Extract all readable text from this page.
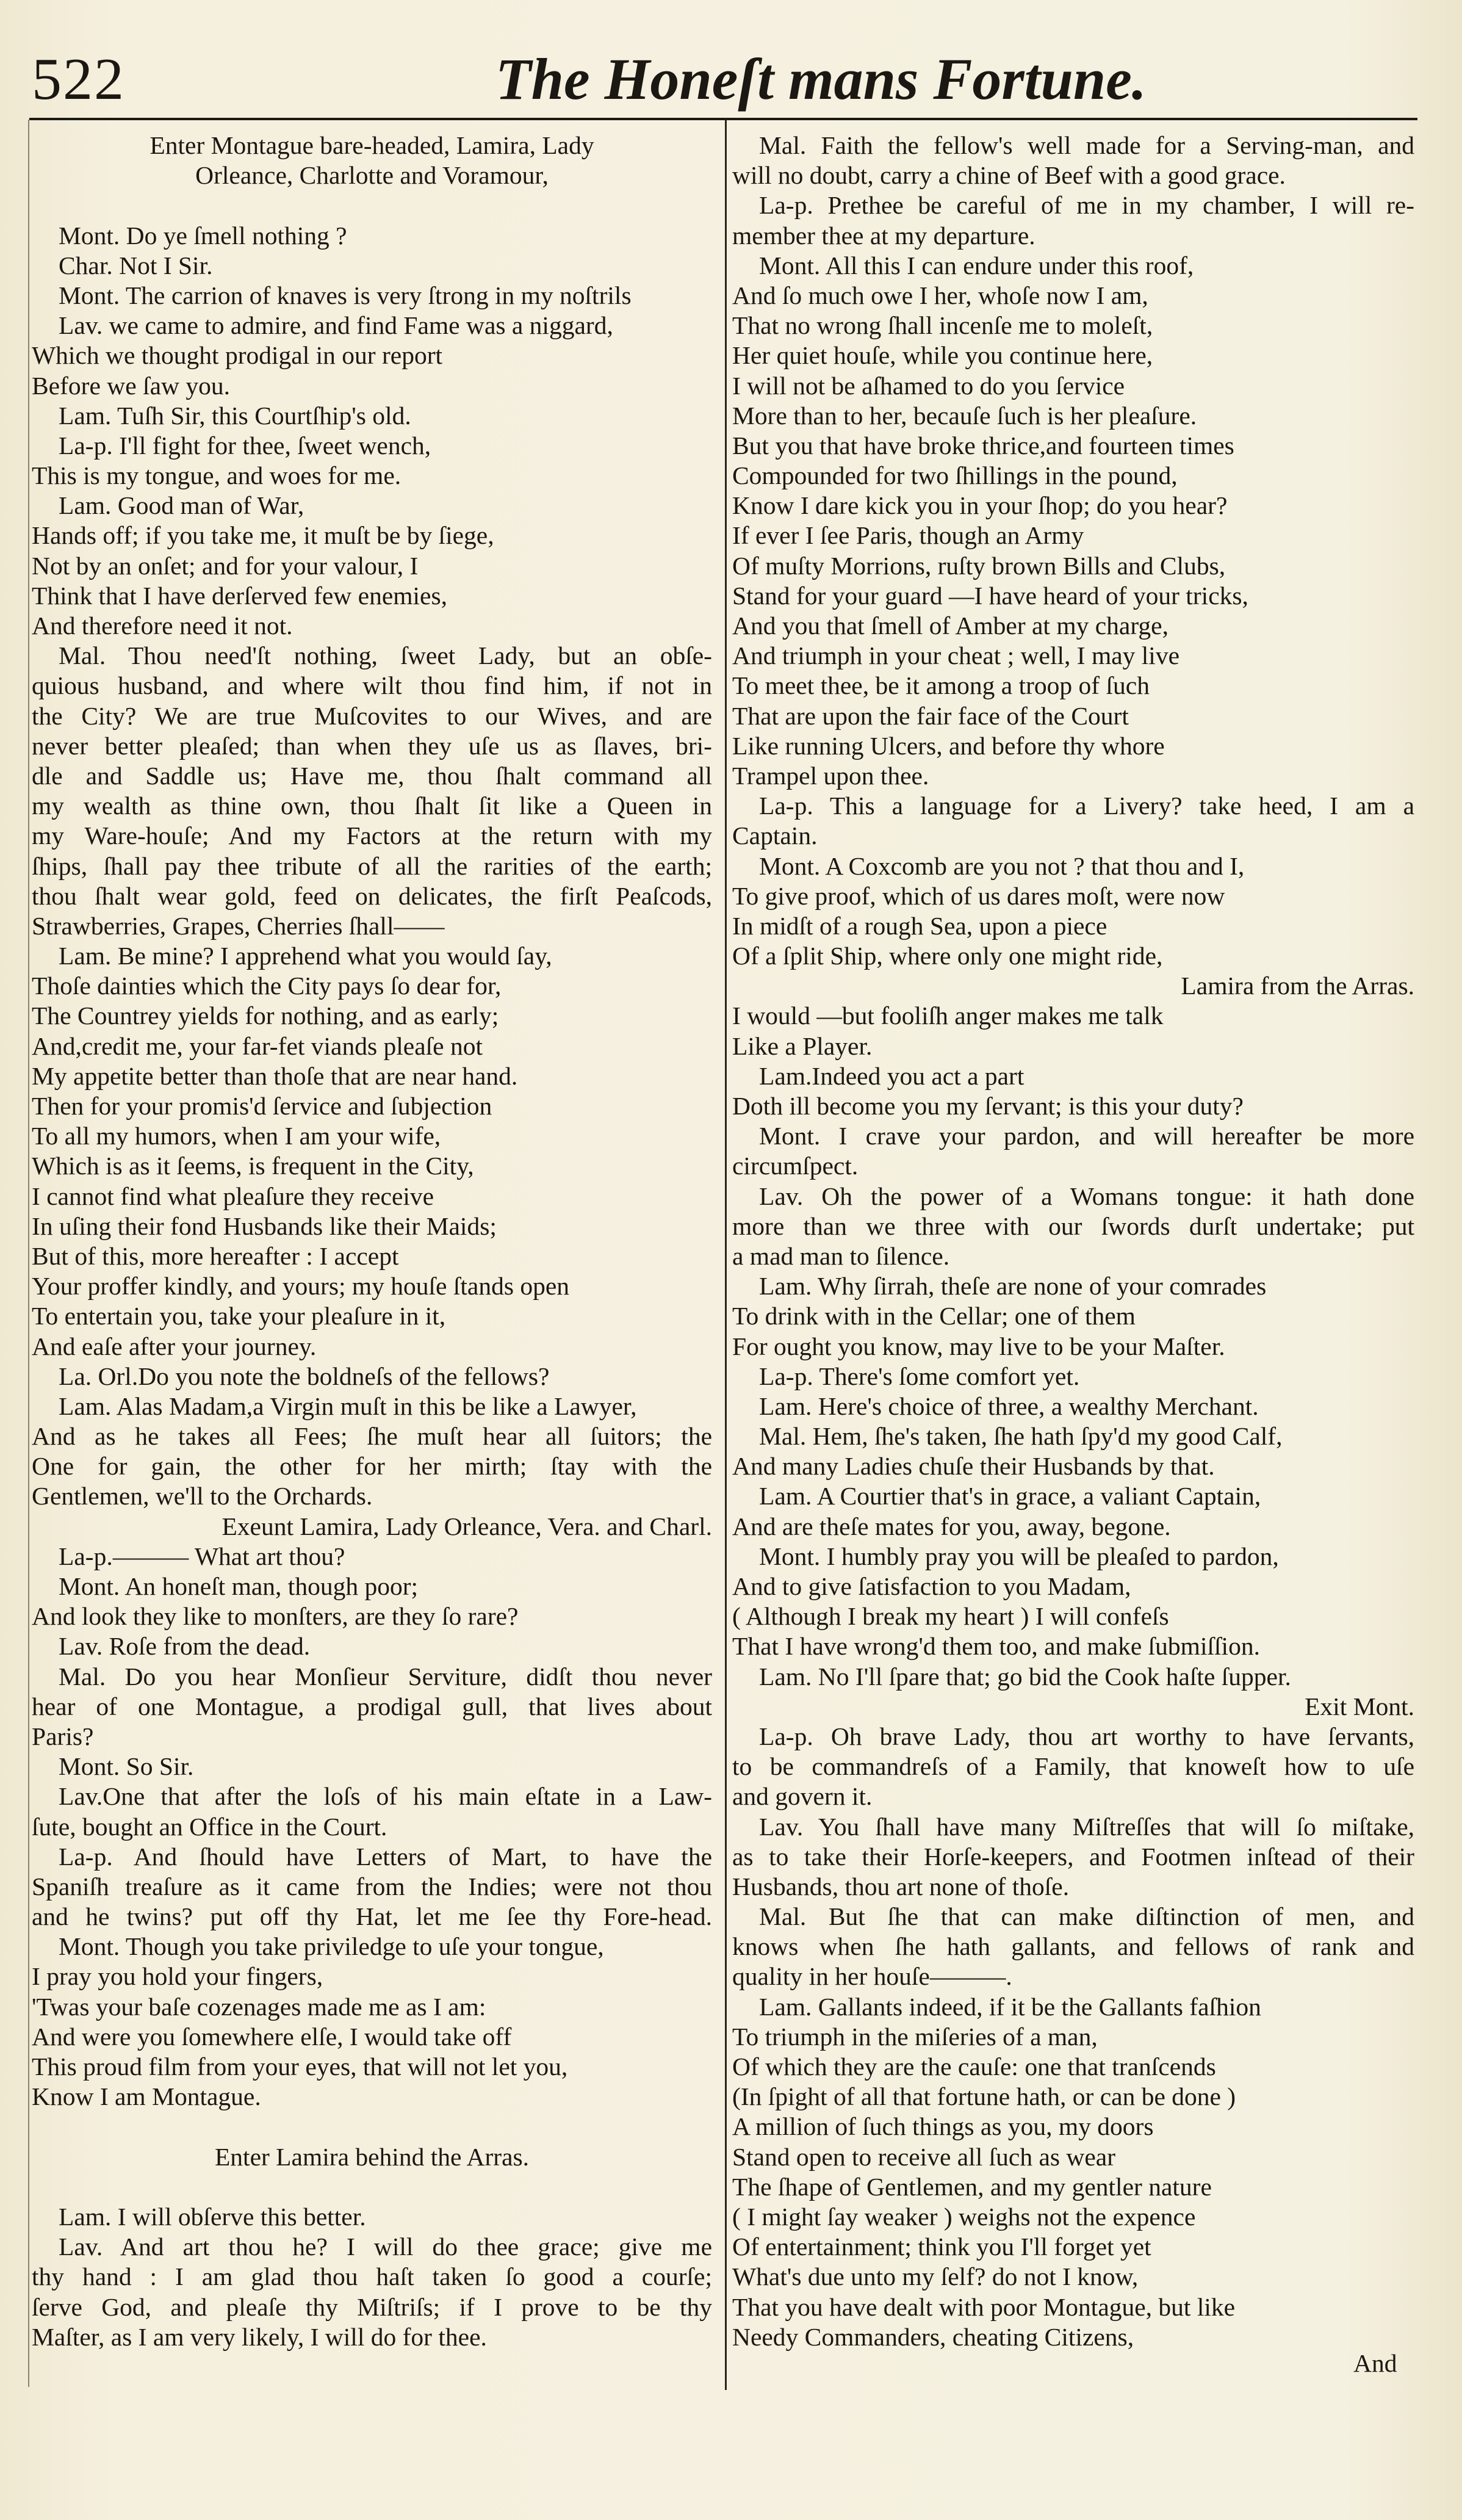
522	The Honeſt mans Fortune.
Enter Montague bare-headed, Lamira, Lady
Orleance, Charlotte and Voramour,
Mont. Do ye ſmell nothing ?
Char. Not I Sir.
Mont. The carrion of knaves is very ſtrong in my noſtrils
Lav. we came to admire, and find Fame was a niggard,
Which we thought prodigal in our report
Before we ſaw you.
Lam. Tuſh Sir, this Courtſhip's old.
La-p. I'll fight for thee, ſweet wench,
This is my tongue, and woes for me.
Lam. Good man of War,
Hands off; if you take me, it muſt be by ſiege,
Not by an onſet; and for your valour, I
Think that I have derſerved few enemies,
And therefore need it not.
Mal. Thou need'ſt nothing, ſweet Lady, but an obſe-
quious husband, and where wilt thou find him, if not in
the City? We are true Muſcovites to our Wives, and are
never better pleaſed; than when they uſe us as ſlaves, bri-
dle and Saddle us; Have me, thou ſhalt command all
my wealth as thine own, thou ſhalt ſit like a Queen in
my Ware-houſe; And my Factors at the return with my
ſhips, ſhall pay thee tribute of all the rarities of the earth;
thou ſhalt wear gold, feed on delicates, the firſt Peaſcods,
Strawberries, Grapes, Cherries ſhall——
Lam. Be mine? I apprehend what you would ſay,
Thoſe dainties which the City pays ſo dear for,
The Countrey yields for nothing, and as early;
And,credit me, your far-fet viands pleaſe not
My appetite better than thoſe that are near hand.
Then for your promis'd ſervice and ſubjection
To all my humors, when I am your wife,
Which is as it ſeems, is frequent in the City,
I cannot find what pleaſure they receive
In uſing their fond Husbands like their Maids;
But of this, more hereafter : I accept
Your proffer kindly, and yours; my houſe ſtands open
To entertain you, take your pleaſure in it,
And eaſe after your journey.
La. Orl.Do you note the boldneſs of the fellows?
Lam. Alas Madam,a Virgin muſt in this be like a Lawyer,
And as he takes all Fees; ſhe muſt hear all ſuitors; the
One for gain, the other for her mirth; ſtay with the
Gentlemen, we'll to the Orchards.
Exeunt Lamira, Lady Orleance, Vera. and Charl.
La-p.——— What art thou?
Mont. An honeſt man, though poor;
And look they like to monſters, are they ſo rare?
Lav. Roſe from the dead.
Mal. Do you hear Monſieur Serviture, didſt thou never
hear of one Montague, a prodigal gull, that lives about
Paris?
Mont. So Sir.
Lav.One that after the loſs of his main eſtate in a Law-
ſute, bought an Office in the Court.
La-p. And ſhould have Letters of Mart, to have the
Spaniſh treaſure as it came from the Indies; were not thou
and he twins? put off thy Hat, let me ſee thy Fore-head.
Mont. Though you take priviledge to uſe your tongue,
I pray you hold your fingers,
'Twas your baſe cozenages made me as I am:
And were you ſomewhere elſe, I would take off
This proud film from your eyes, that will not let you,
Know I am Montague.
Enter Lamira behind the Arras.
Lam. I will obſerve this better.
Lav. And art thou he? I will do thee grace; give me
thy hand : I am glad thou haſt taken ſo good a courſe;
ſerve God, and pleaſe thy Miſtriſs; if I prove to be thy
Maſter, as I am very likely, I will do for thee.
Mal. Faith the fellow's well made for a Serving-man, and
will no doubt, carry a chine of Beef with a good grace.
La-p. Prethee be careful of me in my chamber, I will re-
member thee at my departure.
Mont. All this I can endure under this roof,
And ſo much owe I her, whoſe now I am,
That no wrong ſhall incenſe me to moleſt,
Her quiet houſe, while you continue here,
I will not be aſhamed to do you ſervice
More than to her, becauſe ſuch is her pleaſure.
But you that have broke thrice,and fourteen times
Compounded for two ſhillings in the pound,
Know I dare kick you in your ſhop; do you hear?
If ever I ſee Paris, though an Army
Of muſty Morrions, ruſty brown Bills and Clubs,
Stand for your guard —I have heard of your tricks,
And you that ſmell of Amber at my charge,
And triumph in your cheat ; well, I may live
To meet thee, be it among a troop of ſuch
That are upon the fair face of the Court
Like running Ulcers, and before thy whore
Trampel upon thee.
La-p. This a language for a Livery? take heed, I am a
Captain.
Mont. A Coxcomb are you not ? that thou and I,
To give proof, which of us dares moſt, were now
In midſt of a rough Sea, upon a piece
Of a ſplit Ship, where only one might ride,
Lamira from the Arras.
I would —but fooliſh anger makes me talk
Like a Player.
Lam.Indeed you act a part
Doth ill become you my ſervant; is this your duty?
Mont. I crave your pardon, and will hereafter be more
circumſpect.
Lav. Oh the power of a Womans tongue: it hath done
more than we three with our ſwords durſt undertake; put
a mad man to ſilence.
Lam. Why ſirrah, theſe are none of your comrades
To drink with in the Cellar; one of them
For ought you know, may live to be your Maſter.
La-p. There's ſome comfort yet.
Lam. Here's choice of three, a wealthy Merchant.
Mal. Hem, ſhe's taken, ſhe hath ſpy'd my good Calf,
And many Ladies chuſe their Husbands by that.
Lam. A Courtier that's in grace, a valiant Captain,
And are theſe mates for you, away, begone.
Mont. I humbly pray you will be pleaſed to pardon,
And to give ſatisfaction to you Madam,
( Although I break my heart ) I will confeſs
That I have wrong'd them too, and make ſubmiſſion.
Lam. No I'll ſpare that; go bid the Cook haſte ſupper.
Exit Mont.
La-p. Oh brave Lady, thou art worthy to have ſervants,
to be commandreſs of a Family, that knoweſt how to uſe
and govern it.
Lav. You ſhall have many Miſtreſſes that will ſo miſtake,
as to take their Horſe-keepers, and Footmen inſtead of their
Husbands, thou art none of thoſe.
Mal. But ſhe that can make diſtinction of men, and
knows when ſhe hath gallants, and fellows of rank and
quality in her houſe———.
Lam. Gallants indeed, if it be the Gallants faſhion
To triumph in the miſeries of a man,
Of which they are the cauſe: one that tranſcends
(In ſpight of all that fortune hath, or can be done )
A million of ſuch things as you, my doors
Stand open to receive all ſuch as wear
The ſhape of Gentlemen, and my gentler nature
( I might ſay weaker ) weighs not the expence
Of entertainment; think you I'll forget yet
What's due unto my ſelf? do not I know,
That you have dealt with poor Montague, but like
Needy Commanders, cheating Citizens,
And
